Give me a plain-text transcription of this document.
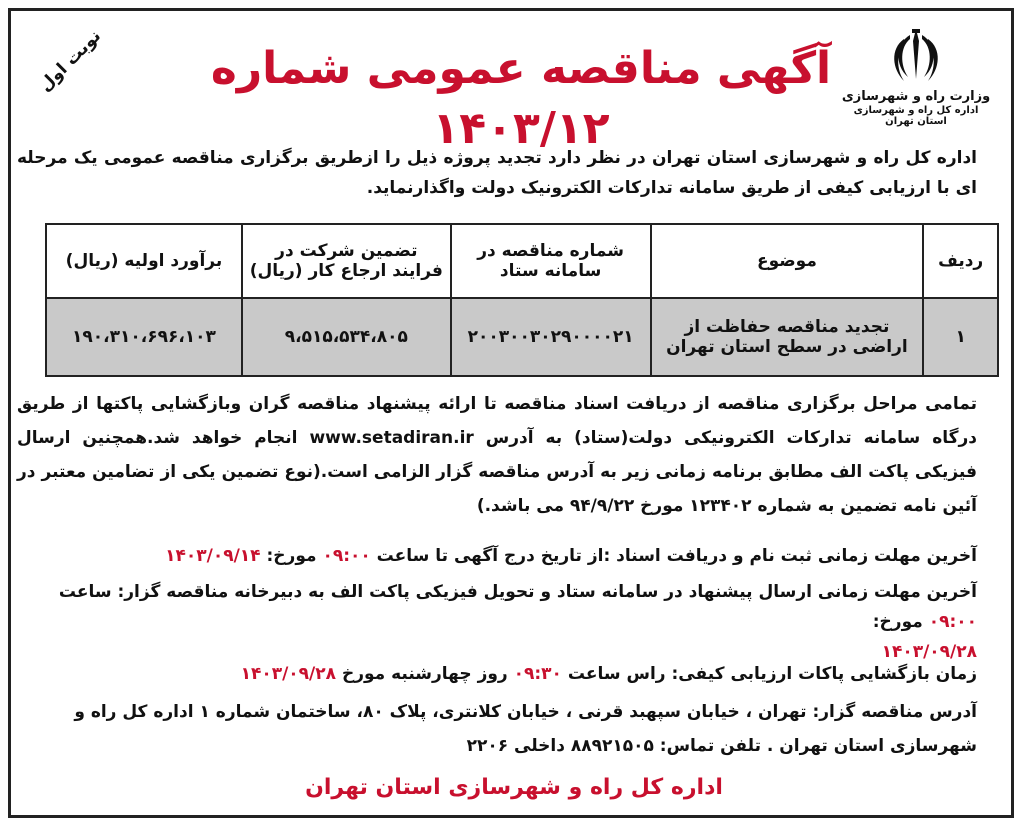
وزارت راه و شهرسازی
اداره کل راه و شهرسازی استان تهران
آگهی مناقصه عمومی شماره ۱۴۰۳/۱۲
نوبت اول
اداره کل راه و شهرسازی استان تهران در نظر دارد تجدید پروژه ذیل را ازطریق برگزاری مناقصه عمومی یک مرحله ای با ارزیابی کیفی از طریق سامانه تدارکات الکترونیک دولت واگذارنماید.
ردیف	موضوع	شماره مناقصه در سامانه ستاد	تضمین شرکت در فرایند ارجاع کار (ریال)	برآورد اولیه (ریال)
۱	تجدید مناقصه حفاظت از اراضی در سطح استان تهران	۲۰۰۳۰۰۳۰۲۹۰۰۰۰۲۱	۹،۵۱۵،۵۳۴،۸۰۵	۱۹۰،۳۱۰،۶۹۶،۱۰۳
تمامی مراحل برگزاری مناقصه از دریافت اسناد مناقصه تا ارائه پیشنهاد مناقصه گران وبازگشایی پاکتها از طریق درگاه سامانه تدارکات الکترونیکی دولت(ستاد) به آدرس www.setadiran.ir انجام خواهد شد.همچنین ارسال فیزیکی پاکت الف مطابق برنامه زمانی زیر به آدرس مناقصه گزار الزامی است.(نوع تضمین یکی از تضامین معتبر در آئین نامه تضمین به شماره ۱۲۳۴۰۲ مورخ ۹۴/۹/۲۲ می باشد.)
آخرین مهلت زمانی ثبت نام و دریافت اسناد :از تاریخ درج آگهی تا ساعت ۰۹:۰۰ مورخ: ۱۴۰۳/۰۹/۱۴
آخرین مهلت زمانی ارسال پیشنهاد در سامانه ستاد و تحویل فیزیکی پاکت الف به دبیرخانه مناقصه گزار: ساعت ۰۹:۰۰ مورخ:
۱۴۰۳/۰۹/۲۸
زمان بازگشایی پاکات ارزیابی کیفی: راس ساعت ۰۹:۳۰ روز چهارشنبه مورخ ۱۴۰۳/۰۹/۲۸
آدرس مناقصه گزار: تهران ، خیابان سپهبد قرنی ، خیابان کلانتری، پلاک ۸۰، ساختمان شماره ۱ اداره کل راه و شهرسازی استان تهران . تلفن تماس: ۸۸۹۲۱۵۰۵ داخلی ۲۲۰۶
اداره کل راه و شهرسازی استان تهران
